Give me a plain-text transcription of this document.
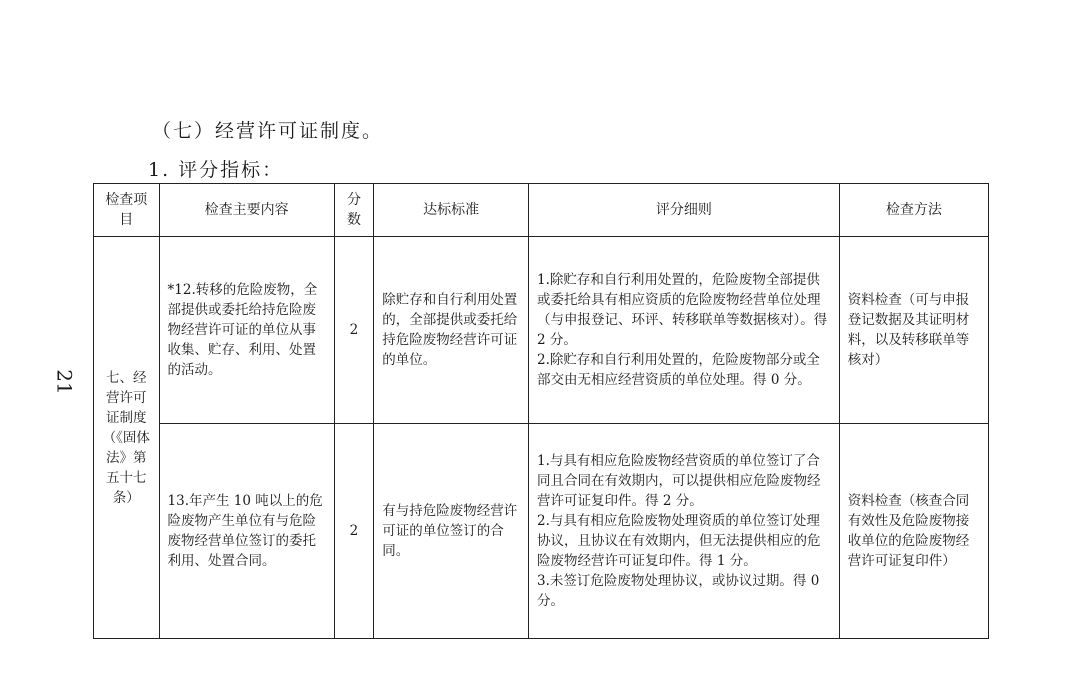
（七）经营许可证制度。
1. 评分指标：
21
检查项目	检查主要内容	分数	达标标准	评分细则	检查方法
七、经营许可证制度（《固体法》第五十七条）	*12.转移的危险废物，全部提供或委托给持危险废物经营许可证的单位从事收集、贮存、利用、处置的活动。	2	除贮存和自行利用处置的，全部提供或委托给持危险废物经营许可证的单位。	1.除贮存和自行利用处置的，危险废物全部提供或委托给具有相应资质的危险废物经营单位处理（与申报登记、环评、转移联单等数据核对）。得 2 分。
2.除贮存和自行利用处置的，危险废物部分或全部交由无相应经营资质的单位处理。得 0 分。	资料检查（可与申报登记数据及其证明材料，以及转移联单等核对）
	13.年产生 10 吨以上的危险废物产生单位有与危险废物经营单位签订的委托利用、处置合同。	2	有与持危险废物经营许可证的单位签订的合同。	1.与具有相应危险废物经营资质的单位签订了合同且合同在有效期内，可以提供相应危险废物经营许可证复印件。得 2 分。
2.与具有相应危险废物处理资质的单位签订处理协议，且协议在有效期内，但无法提供相应的危险废物经营许可证复印件。得 1 分。
3.未签订危险废物处理协议，或协议过期。得 0 分。	资料检查（核查合同有效性及危险废物接收单位的危险废物经营许可证复印件）
